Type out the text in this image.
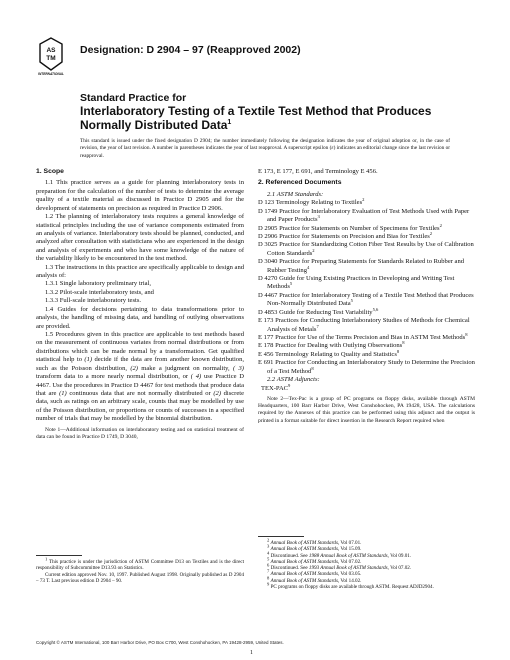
AS
TM
INTERNATIONAL
Designation: D 2904 – 97 (Reapproved 2002)
Standard Practice for
Interlaboratory Testing of a Textile Test Method that Produces Normally Distributed Data$^1$
This standard is issued under the fixed designation D 2904; the number immediately following the designation indicates the year of original adoption or, in the case of revision, the year of last revision. A number in parentheses indicates the year of last reapproval. A superscript epsilon (ε) indicates an editorial change since the last revision or reapproval.

1. Scope

1.1 This practice serves as a guide for planning interlaboratory tests in preparation for the calculation of the number of tests to determine the average quality of a textile material as discussed in Practice D 2905 and for the development of statements on precision as required in Practice D 2906.

1.2 The planning of interlaboratory tests requires a general knowledge of statistical principles including the use of variance components estimated from an analysis of variance. Interlaboratory tests should be planned, conducted, and analyzed after consultation with statisticians who are experienced in the design and analysis of experiments and who have some knowledge of the nature of the variability likely to be encountered in the test method.

1.3 The instructions in this practice are specifically applicable to design and analysis of:

1.3.1 Single laboratory preliminary trial,

1.3.2 Pilot-scale interlaboratory tests, and

1.3.3 Full-scale interlaboratory tests.

1.4 Guides for decisions pertaining to data transformations prior to analysis, the handling of missing data, and handling of outlying observations are provided.

1.5 Procedures given in this practice are applicable to test methods based on the measurement of continuous variates from normal distributions or from distributions which can be made normal by a transformation. Get qualified statistical help to (1) decide if the data are from another known distribution, such as the Poisson distribution, (2) make a judgment on normality, ( 3) transform data to a more nearly normal distribution, or ( 4) use Practice D 4467. Use the procedures in Practice D 4467 for test methods that produce data that are (1) continuous data that are not normally distributed or (2) discrete data, such as ratings on an arbitrary scale, counts that may be modelled by use of the Poisson distribution, or proportions or counts of successes in a specified number of trials that may be modelled by the binomial distribution.

Note 1—Additional information on interlaboratory testing and on statistical treatment of data can be found in Practice D 1749, D 3040,

$^1$ This practice is under the jurisdiction of ASTM Committee D13 on Textiles and is the direct responsibility of Subcommittee D13.93 on Statistics.

Current edition approved Nov. 10, 1997. Published August 1998. Originally published as D 2904 – 73 T. Last previous edition D 2904 – 90.

E 173, E 177, E 691, and Terminology E 456.

2. Referenced Documents

2.1 ASTM Standards:

D 123 Terminology Relating to Textiles$^2$

D 1749 Practice for Interlaboratory Evaluation of Test Methods Used with Paper and Paper Products$^3$

D 2905 Practice for Statements on Number of Specimens for Textiles$^2$

D 2906 Practice for Statements on Precision and Bias for Textiles$^2$

D 3025 Practice for Standardizing Cotton Fiber Test Results by Use of Calibration Cotton Standards$^2$

D 3040 Practice for Preparing Statements for Standards Related to Rubber and Rubber Testing$^4$

D 4270 Guide for Using Existing Practices in Developing and Writing Test Methods$^5$

D 4467 Practice for Interlaboratory Testing of a Textile Test Method that Produces Non-Normally Distributed Data$^5$

D 4853 Guide for Reducing Test Variability$^{5,6}$

E 173 Practices for Conducting Interlaboratory Studies of Methods for Chemical Analysis of Metals$^7$

E 177 Practice for Use of the Terms Precision and Bias in ASTM Test Methods$^8$

E 178 Practice for Dealing with Outlying Observations$^8$

E 456 Terminology Relating to Quality and Statistics$^8$

E 691 Practice for Conducting an Interlaboratory Study to Determine the Precision of a Test Method$^8$

2.2 ASTM Adjuncts:

TEX-PAC$^9$

Note 2—Tex-Pac is a group of PC programs on floppy disks, available through ASTM Headquarters, 100 Barr Harbor Drive, West Conshohocken, PA 19428, USA. The calculations required by the Annexes of this practice can be performed using this adjunct and the output is printed in a format suitable for direct insertion in the Research Report required when

$^2$ Annual Book of ASTM Standards, Vol 07.01.

$^3$ Annual Book of ASTM Standards, Vol 15.09.

$^4$ Discontinued. See 1988 Annual Book of ASTM Standards, Vol 09.01.

$^5$ Annual Book of ASTM Standards, Vol 07.02.

$^6$ Discontinued. See 1993 Annual Book of ASTM Standards, Vol 07.02.

$^7$ Annual Book of ASTM Standards, Vol 03.05.

$^8$ Annual Book of ASTM Standards, Vol 14.02.

$^9$ PC programs on floppy disks are available through ASTM. Request ADJD2904.

Copyright © ASTM International, 100 Barr Harbor Drive, PO Box C700, West Conshohocken, PA 19428-2959, United States.
1
